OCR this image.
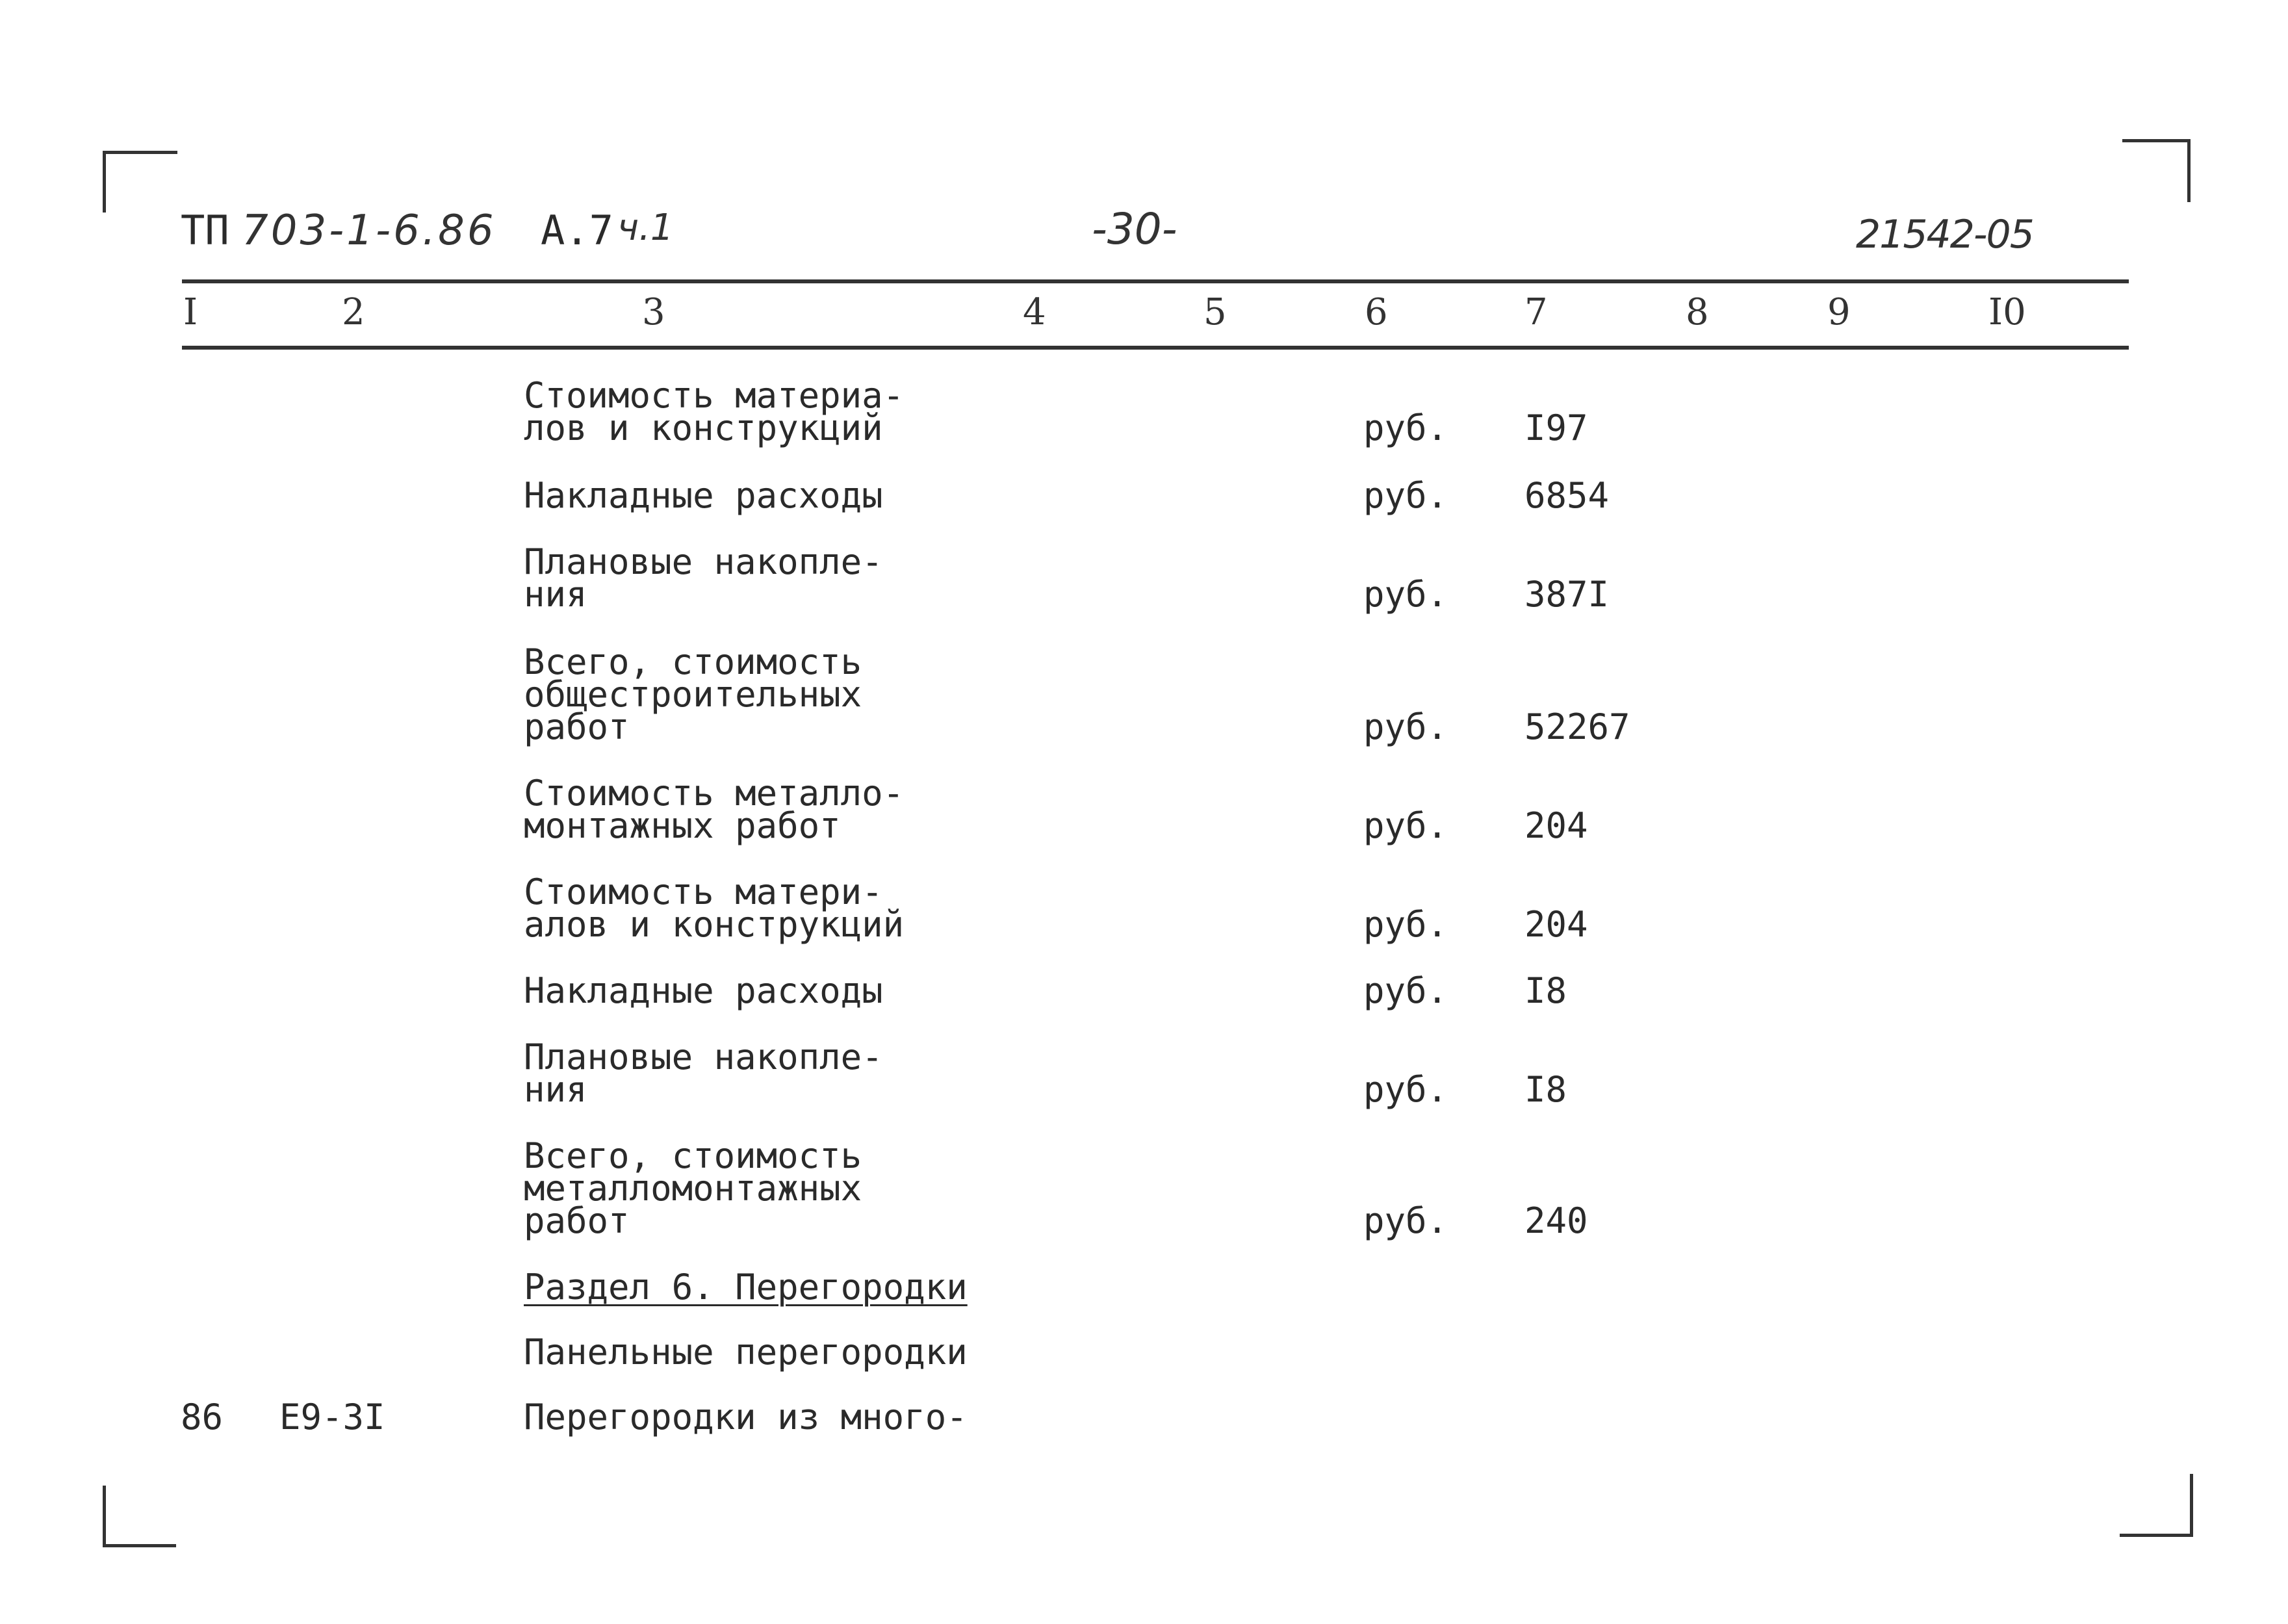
ТП 703-1-6.86 А.7 ч.1	-30-	21542-05
I	2	3	4	5	6	7	8	9	I0
Стоимость материа-
лов и конструкций	руб. I97
Накладные расходы	руб. 6854
Плановые накопле-
ния	руб. 387I
Всего, стоимость
общестроительных
работ	руб. 52267
Стоимость металло-
монтажных работ	руб. 204
Стоимость матери-
алов и конструкций	руб. 204
Накладные расходы	руб. I8
Плановые накопле-
ния	руб. I8
Всего, стоимость
металломонтажных
работ	руб. 240
Раздел 6. Перегородки
Панельные перегородки
86 Е9-3I	Перегородки из много-
